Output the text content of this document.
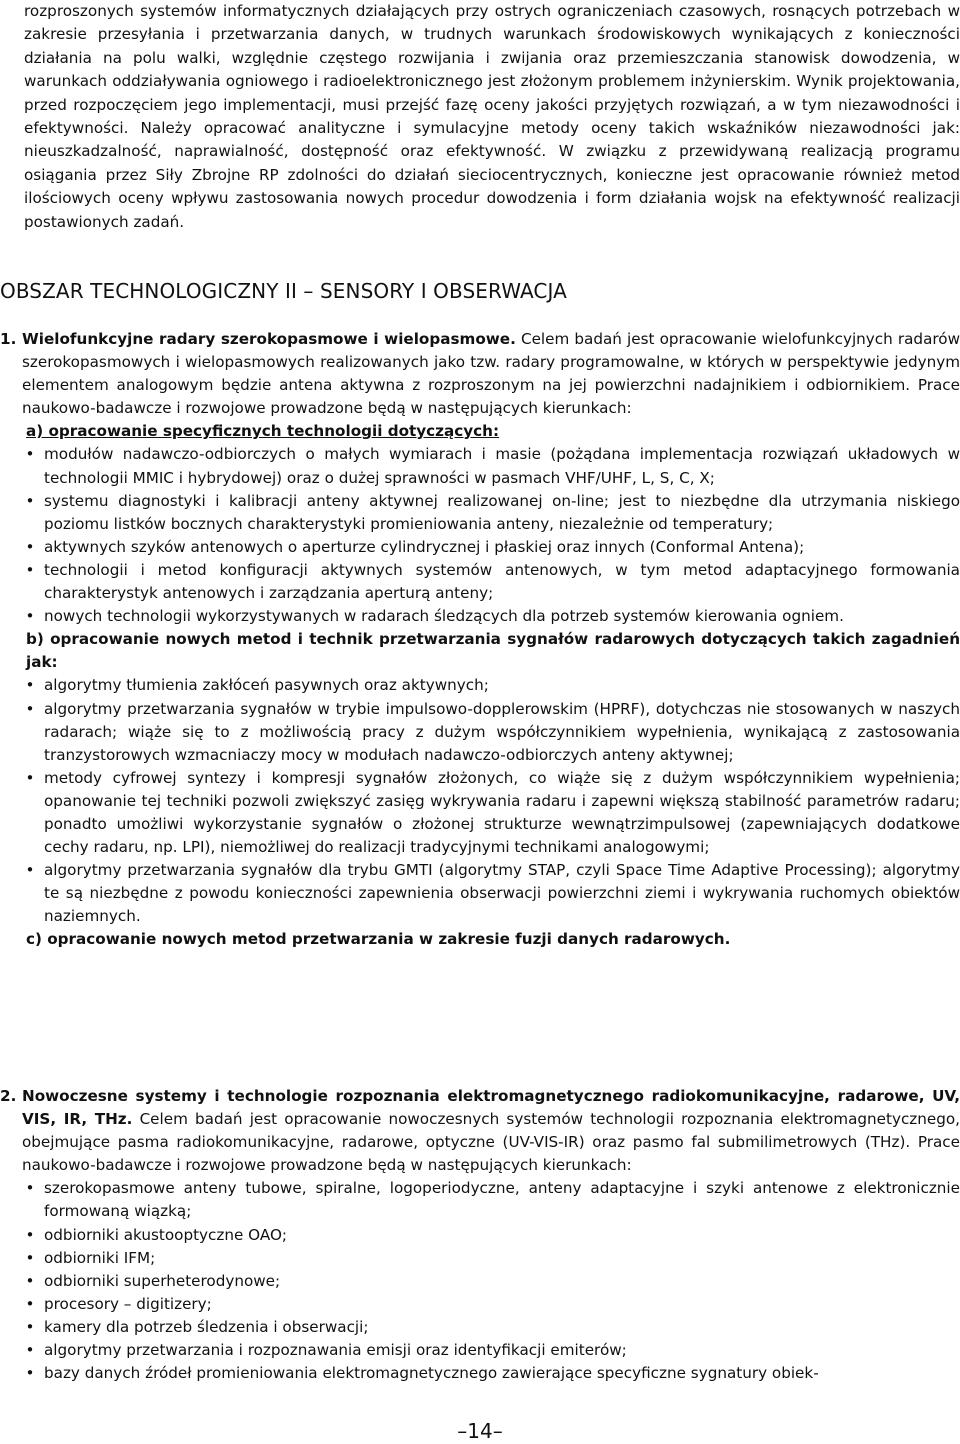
rozproszonych systemów informatycznych działających przy ostrych ograniczeniach czasowych, rosnących potrzebach w zakresie przesyłania i przetwarzania danych, w trudnych warunkach środowiskowych wynikających z konieczności działania na polu walki, względnie częstego rozwijania i zwijania oraz przemieszczania stanowisk dowodzenia, w warunkach oddziaływania ogniowego i radioelektronicznego jest złożonym problemem inżynierskim. Wynik projektowania, przed rozpoczęciem jego implementacji, musi przejść fazę oceny jakości przyjętych rozwiązań, a w tym niezawodności i efektywności. Należy opracować analityczne i symulacyjne metody oceny takich wskaźników niezawodności jak: nieuszkadzalność, naprawialność, dostępność oraz efektywność. W związku z przewidywaną realizacją programu osiągania przez Siły Zbrojne RP zdolności do działań sieciocentrycznych, konieczne jest opracowanie również metod ilościowych oceny wpływu zastosowania nowych procedur dowodzenia i form działania wojsk na efektywność realizacji postawionych zadań.

OBSZAR TECHNOLOGICZNY II – SENSORY I OBSERWACJA

1. Wielofunkcyjne radary szerokopasmowe i wielopasmowe. Celem badań jest opracowanie wielofunkcyjnych radarów szerokopasmowych i wielopasmowych realizowanych jako tzw. radary programowalne, w których w perspektywie jedynym elementem analogowym będzie antena aktywna z rozproszonym na jej powierzchni nadajnikiem i odbiornikiem. Prace naukowo-badawcze i rozwojowe prowadzone będą w następujących kierunkach:

a) opracowanie specyficznych technologii dotyczących:

• modułów nadawczo-odbiorczych o małych wymiarach i masie (pożądana implementacja rozwiązań układowych w technologii MMIC i hybrydowej) oraz o dużej sprawności w pasmach VHF/UHF, L, S, C, X;
• systemu diagnostyki i kalibracji anteny aktywnej realizowanej on-line; jest to niezbędne dla utrzymania niskiego poziomu listków bocznych charakterystyki promieniowania anteny, niezależnie od temperatury;
• aktywnych szyków antenowych o aperturze cylindrycznej i płaskiej oraz innych (Conformal Antena);
• technologii i metod konfiguracji aktywnych systemów antenowych, w tym metod adaptacyjnego formowania charakterystyk antenowych i zarządzania aperturą anteny;
• nowych technologii wykorzystywanych w radarach śledzących dla potrzeb systemów kierowania ogniem.

b) opracowanie nowych metod i technik przetwarzania sygnałów radarowych dotyczących takich zagadnień jak:

• algorytmy tłumienia zakłóceń pasywnych oraz aktywnych;
• algorytmy przetwarzania sygnałów w trybie impulsowo-dopplerowskim (HPRF), dotychczas nie stosowanych w naszych radarach; wiąże się to z możliwością pracy z dużym współczynnikiem wypełnienia, wynikającą z zastosowania tranzystorowych wzmacniaczy mocy w modułach nadawczo-odbiorczych anteny aktywnej;
• metody cyfrowej syntezy i kompresji sygnałów złożonych, co wiąże się z dużym współczynnikiem wypełnienia; opanowanie tej techniki pozwoli zwiększyć zasięg wykrywania radaru i zapewni większą stabilność parametrów radaru; ponadto umożliwi wykorzystanie sygnałów o złożonej strukturze wewnątrzimpulsowej (zapewniających dodatkowe cechy radaru, np. LPI), niemożliwej do realizacji tradycyjnymi technikami analogowymi;
• algorytmy przetwarzania sygnałów dla trybu GMTI (algorytmy STAP, czyli Space Time Adaptive Processing); algorytmy te są niezbędne z powodu konieczności zapewnienia obserwacji powierzchni ziemi i wykrywania ruchomych obiektów naziemnych.

c) opracowanie nowych metod przetwarzania w zakresie fuzji danych radarowych.

2. Nowoczesne systemy i technologie rozpoznania elektromagnetycznego radiokomunikacyjne, radarowe, UV, VIS, IR, THz. Celem badań jest opracowanie nowoczesnych systemów technologii rozpoznania elektromagnetycznego, obejmujące pasma radiokomunikacyjne, radarowe, optyczne (UV-VIS-IR) oraz pasmo fal submilimetrowych (THz). Prace naukowo-badawcze i rozwojowe prowadzone będą w następujących kierunkach:

• szerokopasmowe anteny tubowe, spiralne, logoperiodyczne, anteny adaptacyjne i szyki antenowe z elektronicznie formowaną wiązką;
• odbiorniki akustooptyczne OAO;
• odbiorniki IFM;
• odbiorniki superheterodynowe;
• procesory – digitizery;
• kamery dla potrzeb śledzenia i obserwacji;
• algorytmy przetwarzania i rozpoznawania emisji oraz identyfikacji emiterów;
• bazy danych źródeł promieniowania elektromagnetycznego zawierające specyficzne sygnatury obiek-
–14–
